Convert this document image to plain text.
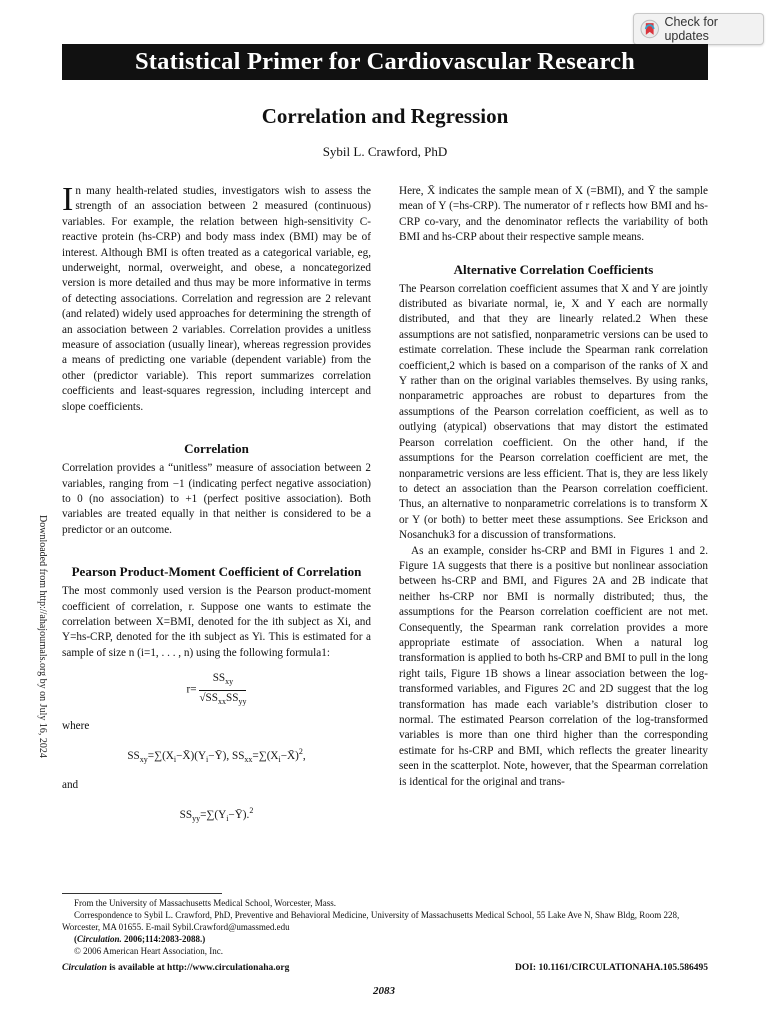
Check for updates
Statistical Primer for Cardiovascular Research
Correlation and Regression
Sybil L. Crawford, PhD
Downloaded from http://ahajournals.org by on July 16, 2024

In many health-related studies, investigators wish to assess the strength of an association between 2 measured (continuous) variables. For example, the relation between high-sensitivity C-reactive protein (hs-CRP) and body mass index (BMI) may be of interest. Although BMI is often treated as a categorical variable, eg, underweight, normal, overweight, and obese, a noncategorized version is more detailed and thus may be more informative in terms of detecting associations. Correlation and regression are 2 relevant (and related) widely used approaches for determining the strength of an association between 2 variables. Correlation provides a unitless measure of association (usually linear), whereas regression provides a means of predicting one variable (dependent variable) from the other (predictor variable). This report summarizes correlation coefficients and least-squares regression, including intercept and slope coefficients.

Correlation

Correlation provides a “unitless” measure of association between 2 variables, ranging from −1 (indicating perfect negative association) to 0 (no association) to +1 (perfect positive association). Both variables are treated equally in that neither is considered to be a predictor or an outcome.

Pearson Product-Moment Coefficient of Correlation

The most commonly used version is the Pearson product-moment coefficient of correlation, r. Suppose one wants to estimate the correlation between X=BMI, denoted for the ith subject as Xi, and Y=hs-CRP, denoted for the ith subject as Yi. This is estimated for a sample of size n (i=1, . . . , n) using the following formula1:

$r= \frac{SS_{xy}}{√SS_{xx}SS_{yy}}$

where

$SS_{xy}=\sum(X_i-X̄)(Y_i-Ȳ)$, $SS_{xx}=\sum(X_i-X̄)^2$,

and

$SS_{yy}=\sum(Y_i-Ȳ).^2$

Here, X̄ indicates the sample mean of X (=BMI), and Ȳ the sample mean of Y (=hs-CRP). The numerator of r reflects how BMI and hs-CRP co-vary, and the denominator reflects the variability of both BMI and hs-CRP about their respective sample means.

Alternative Correlation Coefficients

The Pearson correlation coefficient assumes that X and Y are jointly distributed as bivariate normal, ie, X and Y each are normally distributed, and that they are linearly related.2 When these assumptions are not satisfied, nonparametric versions can be used to estimate correlation. These include the Spearman rank correlation coefficient,2 which is based on a comparison of the ranks of X and Y rather than on the original variables themselves. By using ranks, nonparametric approaches are robust to departures from the assumptions of the Pearson correlation coefficient, as well as to outlying (atypical) observations that may distort the estimated Pearson correlation coefficient. On the other hand, if the assumptions for the Pearson correlation coefficient are met, the nonparametric versions are less efficient. That is, they are less likely to detect an association than the Pearson correlation coefficient. Thus, an alternative to nonparametric correlations is to transform X or Y (or both) to better meet these assumptions. See Erickson and Nosanchuk3 for a discussion of transformations.

As an example, consider hs-CRP and BMI in Figures 1 and 2. Figure 1A suggests that there is a positive but nonlinear association between hs-CRP and BMI, and Figures 2A and 2B indicate that neither hs-CRP nor BMI is normally distributed; thus, the assumptions for the Pearson correlation coefficient are not met. Consequently, the Spearman rank correlation provides a more appropriate estimate of association. When a natural log transformation is applied to both hs-CRP and BMI to pull in the long right tails, Figure 1B shows a linear association between the log-transformed variables, and Figures 2C and 2D suggest that the log transformation has made each variable’s distribution closer to normal. The estimated Pearson correlation of the log-transformed variables is more than one third higher than the corresponding estimate for hs-CRP and BMI, which reflects the greater linearity seen in the scatterplot. Note, however, that the Spearman correlation is identical for the original and trans-

From the University of Massachusetts Medical School, Worcester, Mass.

Correspondence to Sybil L. Crawford, PhD, Preventive and Behavioral Medicine, University of Massachusetts Medical School, 55 Lake Ave N, Shaw Bldg, Room 228, Worcester, MA 01655. E-mail Sybil.Crawford@umassmed.edu

(Circulation. 2006;114:2083-2088.)

© 2006 American Heart Association, Inc.

Circulation is available at http://www.circulationaha.org	DOI: 10.1161/CIRCULATIONAHA.105.586495
2083
